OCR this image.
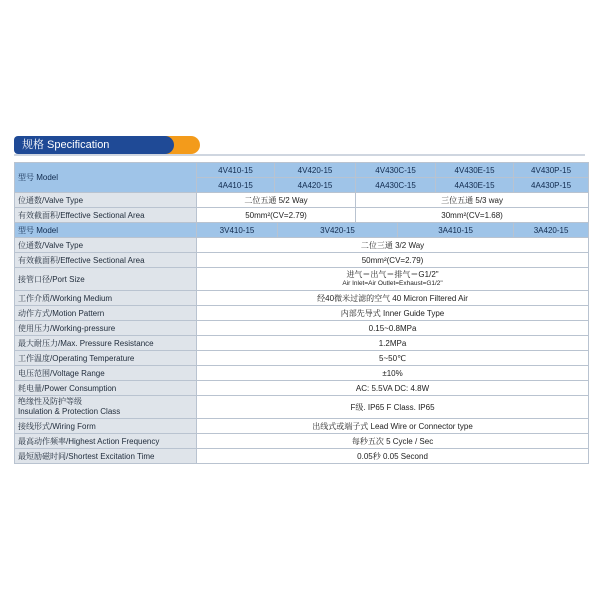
规格 Specification
型号 Model	4V410-15	4V420-15		4V430C-15		4V430E-15	4V430P-15
	4A410-15	4A420-15		4A430C-15		4A430E-15	4A430P-15
位通数/Valve Type	二位五通 5/2 Way			三位五通 5/3 way			
有效截面积/Effective Sectional Area	50mm²(CV=2.79)			30mm²(CV=1.68)			
型号 Model	3V410-15		3V420-15		3A410-15		3A420-15
位通数/Valve Type	二位三通 3/2 Way						
有效截面积/Effective Sectional Area	50mm²(CV=2.79)						
接管口径/Port Size	进气＝出气＝排气＝G1/2"
Air Inlet=Air Outlet=Exhaust=G1/2"						

工作介质/Working Medium	经40微米过滤的空气 40 Micron Filtered Air						
动作方式/Motion Pattern	内部先导式 Inner Guide Type						
使用压力/Working-pressure	0.15~0.8MPa						
最大耐压力/Max. Pressure Resistance	1.2MPa						
工作温度/Operating Temperature	5~50℃						
电压范围/Voltage Range	±10%						
耗电量/Power Consumption	AC: 5.5VA DC: 4.8W						

绝缘性及防护等级
Insulation & Protection Class	F级. IP65 F Class. IP65						
接线形式/Wiring Form	出线式或端子式 Lead Wire or Connector type						
最高动作频率/Highest Action Frequency	每秒五次 5 Cycle / Sec						
最短励磁时间/Shortest Excitation Time	0.05秒 0.05 Second						
